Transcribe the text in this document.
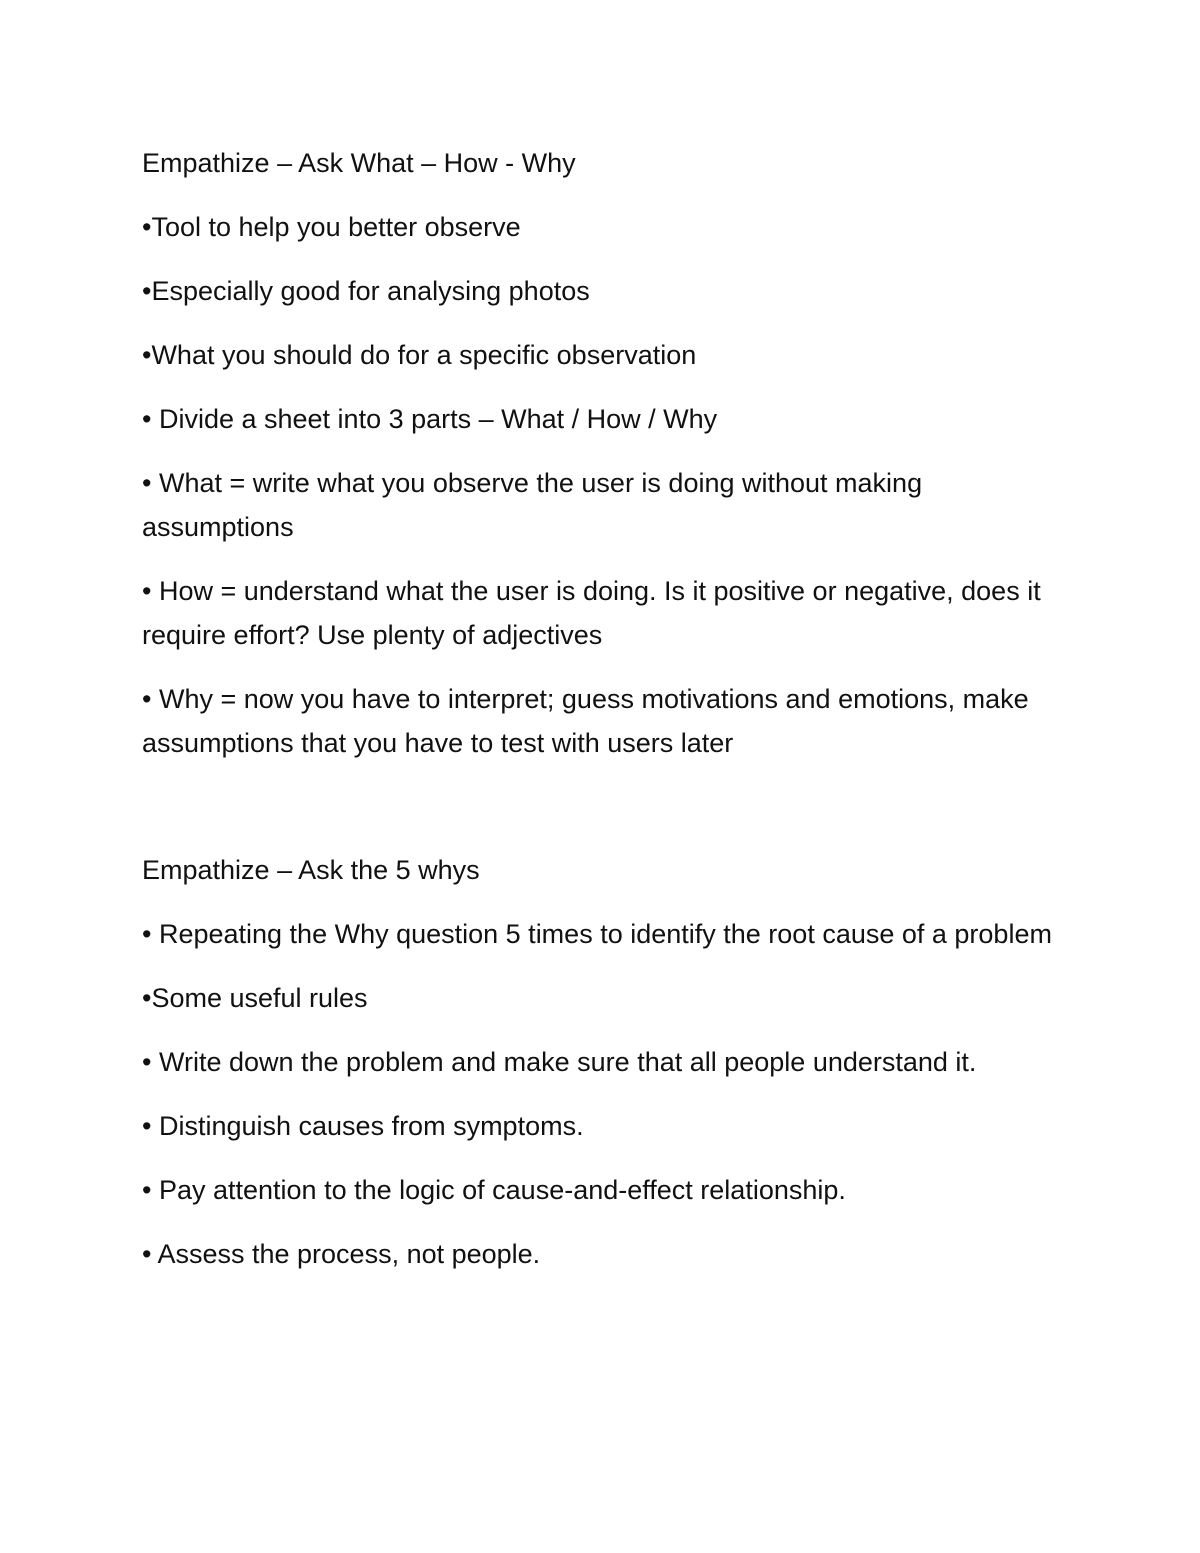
Empathize – Ask What – How - Why

•Tool to help you better observe

•Especially good for analysing photos

•What you should do for a specific observation

• Divide a sheet into 3 parts – What / How / Why

• What = write what you observe the user is doing without making assumptions

• How = understand what the user is doing. Is it positive or negative, does it require effort? Use plenty of adjectives

• Why = now you have to interpret; guess motivations and emotions, make assumptions that you have to test with users later

Empathize – Ask the 5 whys

• Repeating the Why question 5 times to identify the root cause of a problem

•Some useful rules

• Write down the problem and make sure that all people understand it.

• Distinguish causes from symptoms.

• Pay attention to the logic of cause-and-effect relationship.

• Assess the process, not people.
